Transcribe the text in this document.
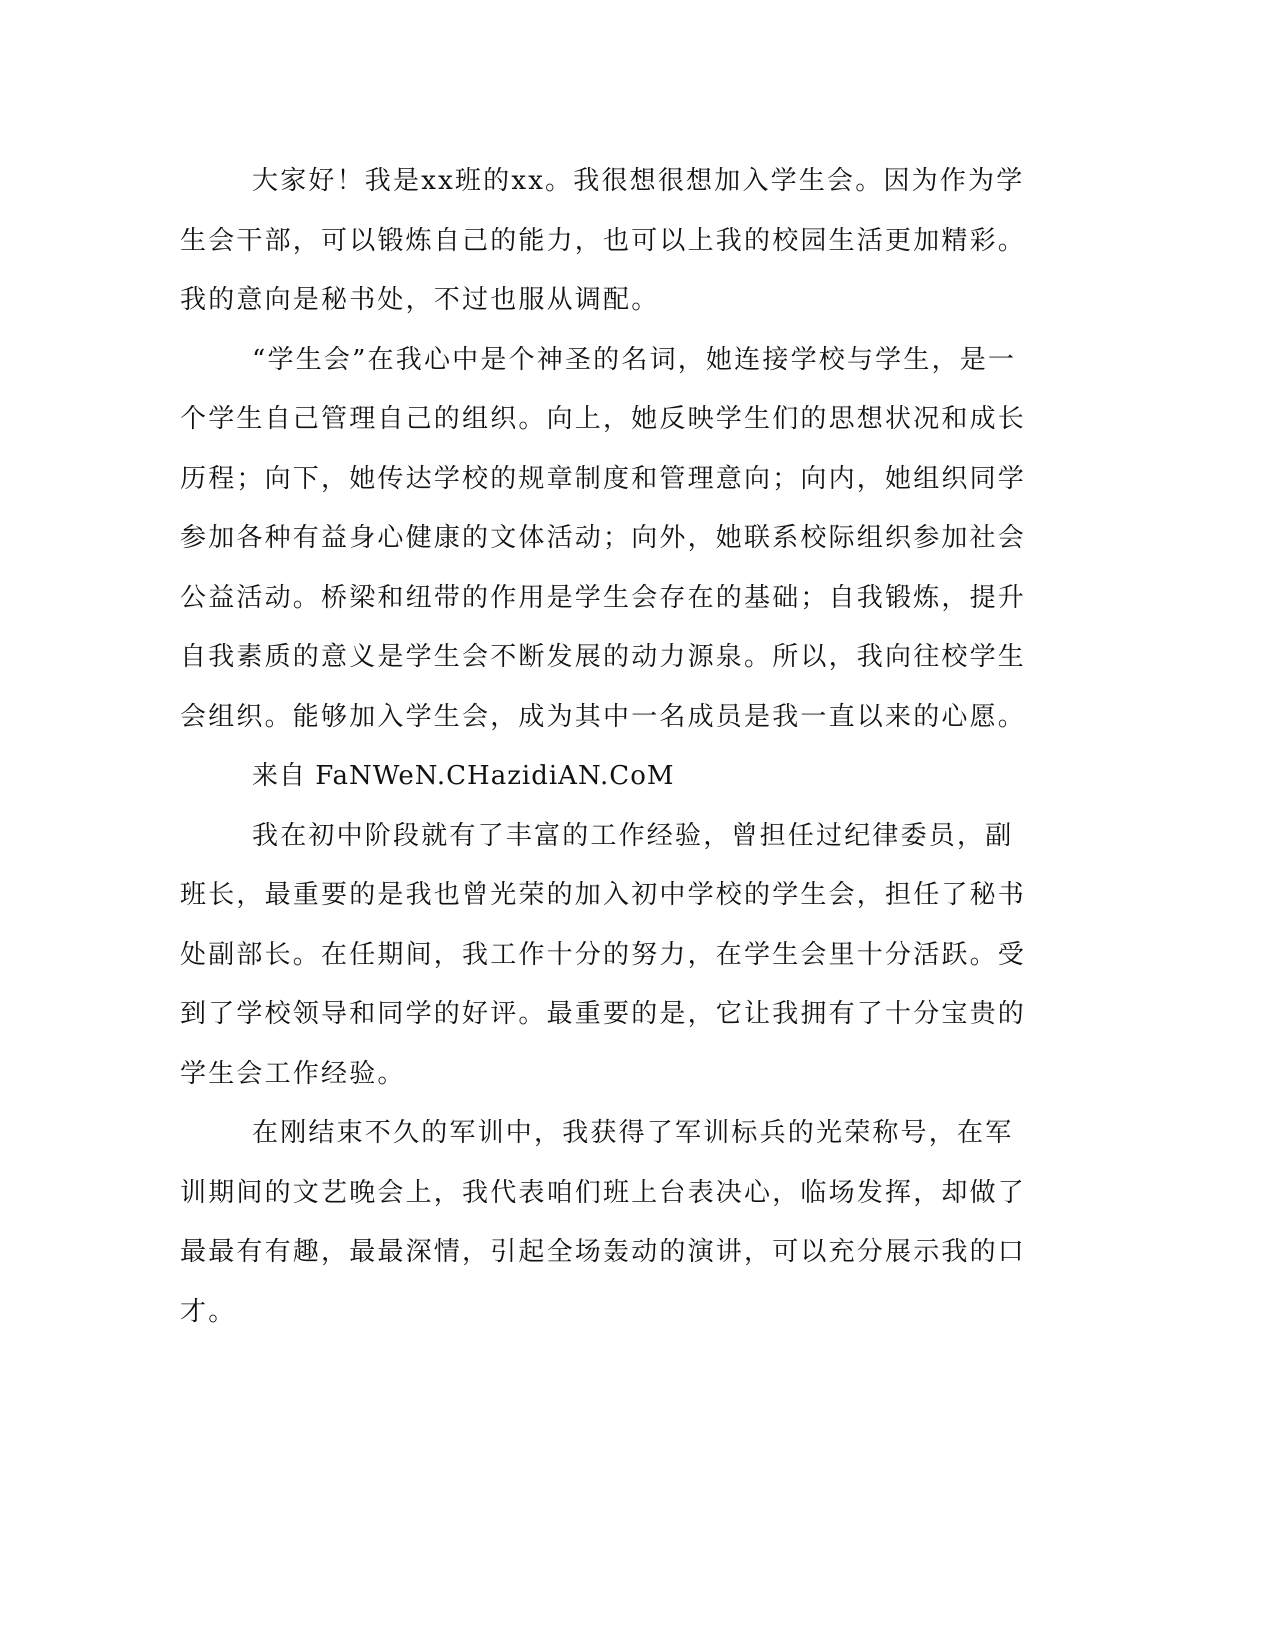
大家好！我是xx班的xx。我很想很想加入学生会。因为作为学生会干部，可以锻炼自己的能力，也可以上我的校园生活更加精彩。我的意向是秘书处，不过也服从调配。

“学生会”在我心中是个神圣的名词，她连接学校与学生，是一个学生自己管理自己的组织。向上，她反映学生们的思想状况和成长历程；向下，她传达学校的规章制度和管理意向；向内，她组织同学参加各种有益身心健康的文体活动；向外，她联系校际组织参加社会公益活动。桥梁和纽带的作用是学生会存在的基础；自我锻炼，提升自我素质的意义是学生会不断发展的动力源泉。所以，我向往校学生会组织。能够加入学生会，成为其中一名成员是我一直以来的心愿。

来自 FaNWeN.CHazidiAN.CoM

我在初中阶段就有了丰富的工作经验，曾担任过纪律委员，副班长，最重要的是我也曾光荣的加入初中学校的学生会，担任了秘书处副部长。在任期间，我工作十分的努力，在学生会里十分活跃。受到了学校领导和同学的好评。最重要的是，它让我拥有了十分宝贵的学生会工作经验。

在刚结束不久的军训中，我获得了军训标兵的光荣称号，在军训期间的文艺晚会上，我代表咱们班上台表决心，临场发挥，却做了最最有有趣，最最深情，引起全场轰动的演讲，可以充分展示我的口才。
